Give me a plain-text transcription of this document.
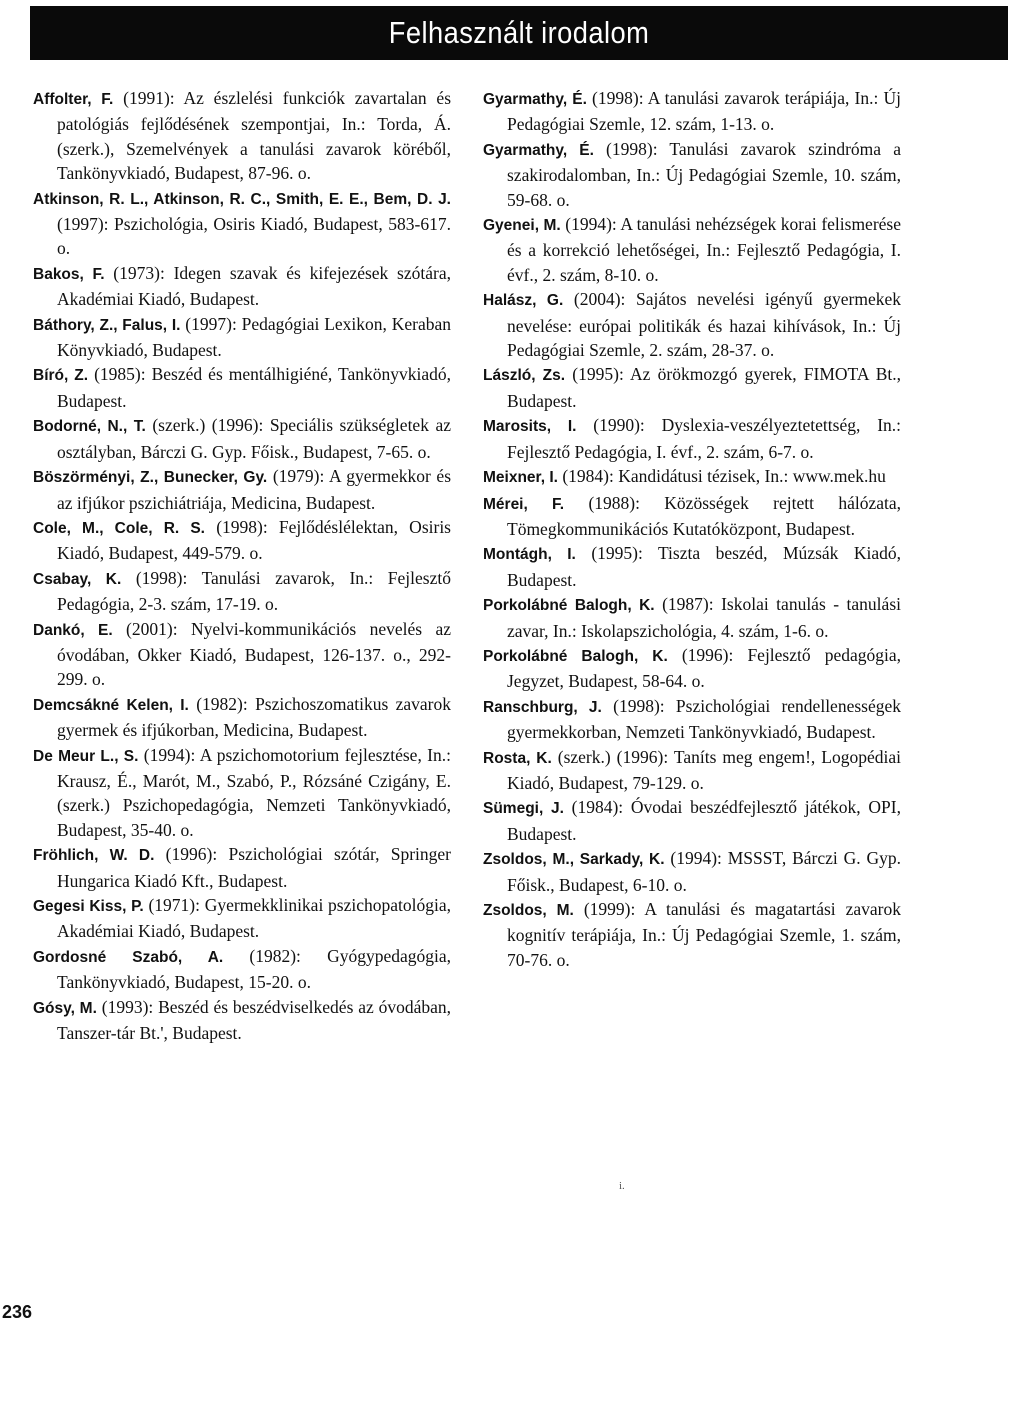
Felhasznált irodalom

Affolter, F. (1991): Az észlelési funkciók zavartalan és patológiás fejlődésének szempontjai, In.: Torda, Á. (szerk.), Szemelvények a tanulási zavarok köréből, Tankönyvkiadó, Budapest, 87-96. o.

Atkinson, R. L., Atkinson, R. C., Smith, E. E., Bem, D. J. (1997): Pszichológia, Osiris Kiadó, Budapest, 583-617. o.

Bakos, F. (1973): Idegen szavak és kifejezések szótára, Akadémiai Kiadó, Budapest.

Báthory, Z., Falus, I. (1997): Pedagógiai Lexikon, Keraban Könyvkiadó, Budapest.

Bíró, Z. (1985): Beszéd és mentálhigiéné, Tankönyvkiadó, Budapest.

Bodorné, N., T. (szerk.) (1996): Speciális szükségletek az osztályban, Bárczi G. Gyp. Főisk., Budapest, 7-65. o.

Böszörményi, Z., Bunecker, Gy. (1979): A gyermekkor és az ifjúkor pszichiátriája, Medicina, Budapest.

Cole, M., Cole, R. S. (1998): Fejlődéslélektan, Osiris Kiadó, Budapest, 449-579. o.

Csabay, K. (1998): Tanulási zavarok, In.: Fejlesztő Pedagógia, 2-3. szám, 17-19. o.

Dankó, E. (2001): Nyelvi-kommunikációs nevelés az óvodában, Okker Kiadó, Budapest, 126-137. o., 292-299. o.

Demcsákné Kelen, I. (1982): Pszichoszomatikus zavarok gyermek és ifjúkorban, Medicina, Budapest.

De Meur L., S. (1994): A pszichomotorium fejlesztése, In.: Krausz, É., Marót, M., Szabó, P., Rózsáné Czigány, E. (szerk.) Pszichopedagógia, Nemzeti Tankönyvkiadó, Budapest, 35-40. o.

Fröhlich, W. D. (1996): Pszichológiai szótár, Springer Hungarica Kiadó Kft., Budapest.

Gegesi Kiss, P. (1971): Gyermekklinikai pszichopatológia, Akadémiai Kiadó, Budapest.

Gordosné Szabó, A. (1982): Gyógypedagógia, Tankönyvkiadó, Budapest, 15-20. o.

Gósy, M. (1993): Beszéd és beszédviselkedés az óvodában, Tanszer-tár Bt.', Budapest.

Gyarmathy, É. (1998): A tanulási zavarok terápiája, In.: Új Pedagógiai Szemle, 12. szám, 1-13. o.

Gyarmathy, É. (1998): Tanulási zavarok szindróma a szakirodalomban, In.: Új Pedagógiai Szemle, 10. szám, 59-68. o.

Gyenei, M. (1994): A tanulási nehézségek korai felismerése és a korrekció lehetőségei, In.: Fejlesztő Pedagógia, I. évf., 2. szám, 8-10. o.

Halász, G. (2004): Sajátos nevelési igényű gyermekek nevelése: európai politikák és hazai kihívások, In.: Új Pedagógiai Szemle, 2. szám, 28-37. o.

László, Zs. (1995): Az örökmozgó gyerek, FIMOTA Bt., Budapest.

Marosits, I. (1990): Dyslexia-veszélyeztetettség, In.: Fejlesztő Pedagógia, I. évf., 2. szám, 6-7. o.

Meixner, I. (1984): Kandidátusi tézisek, In.: www.mek.hu

Mérei, F. (1988): Közösségek rejtett hálózata, Tömegkommunikációs Kutatóközpont, Budapest.

Montágh, I. (1995): Tiszta beszéd, Múzsák Kiadó, Budapest.

Porkolábné Balogh, K. (1987): Iskolai tanulás - tanulási zavar, In.: Iskolapszichológia, 4. szám, 1-6. o.

Porkolábné Balogh, K. (1996): Fejlesztő pedagógia, Jegyzet, Budapest, 58-64. o.

Ranschburg, J. (1998): Pszichológiai rendellenességek gyermekkorban, Nemzeti Tankönyvkiadó, Budapest.

Rosta, K. (szerk.) (1996): Taníts meg engem!, Logopédiai Kiadó, Budapest, 79-129. o.

Sümegi, J. (1984): Óvodai beszédfejlesztő játékok, OPI, Budapest.

Zsoldos, M., Sarkady, K. (1994): MSSST, Bárczi G. Gyp. Főisk., Budapest, 6-10. o.

Zsoldos, M. (1999): A tanulási és magatartási zavarok kognitív terápiája, In.: Új Pedagógiai Szemle, 1. szám, 70-76. o.

i.
236
